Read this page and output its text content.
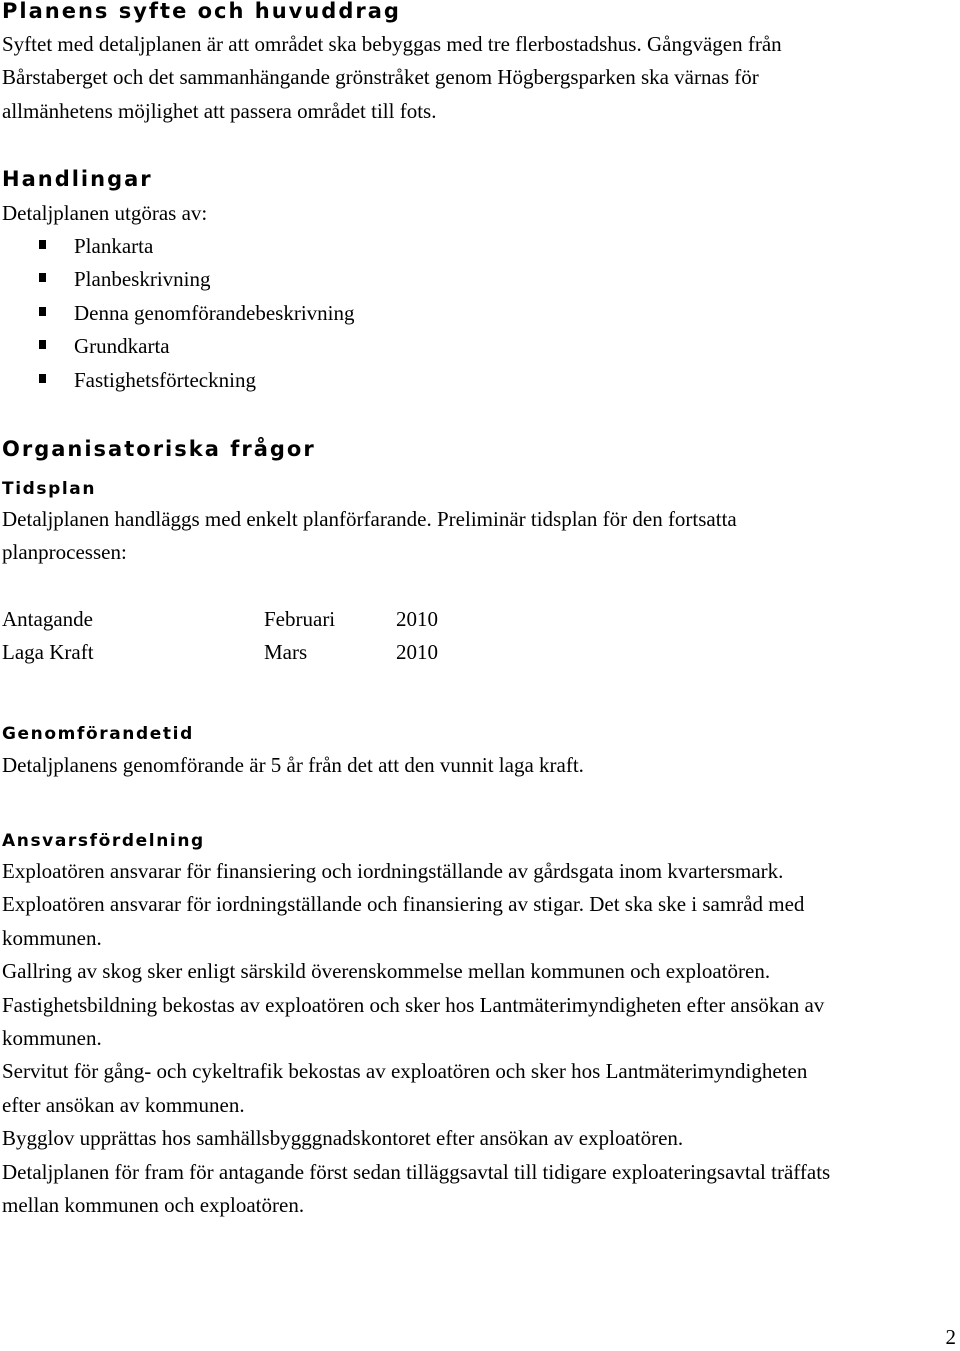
Planens syfte och huvuddrag

Syftet med detaljplanen är att området ska bebyggas med tre flerbostadshus. Gångvägen från

Bårstaberget och det sammanhängande grönstråket genom Högbergsparken ska värnas för

allmänhetens möjlighet att passera området till fots.

Handlingar

Detaljplanen utgöras av:

Plankarta
Planbeskrivning
Denna genomförandebeskrivning
Grundkarta
Fastighetsförteckning
Organisatoriska frågor
Tidsplan

Detaljplanen handläggs med enkelt planförfarande. Preliminär tidsplan för den fortsatta

planprocessen:

Antagande	Februari	2010
Laga Kraft	Mars	2010
Genomförandetid

Detaljplanens genomförande är 5 år från det att den vunnit laga kraft.

Ansvarsfördelning

Exploatören ansvarar för finansiering och iordningställande av gårdsgata inom kvartersmark.

Exploatören ansvarar för iordningställande och finansiering av stigar. Det ska ske i samråd med

kommunen.

Gallring av skog sker enligt särskild överenskommelse mellan kommunen och exploatören.

Fastighetsbildning bekostas av exploatören och sker hos Lantmäterimyndigheten efter ansökan av

kommunen.

Servitut för gång- och cykeltrafik bekostas av exploatören och sker hos Lantmäterimyndigheten

efter ansökan av kommunen.

Bygglov upprättas hos samhällsbygggnadskontoret efter ansökan av exploatören.

Detaljplanen för fram för antagande först sedan tilläggsavtal till tidigare exploateringsavtal träffats

mellan kommunen och exploatören.

2
